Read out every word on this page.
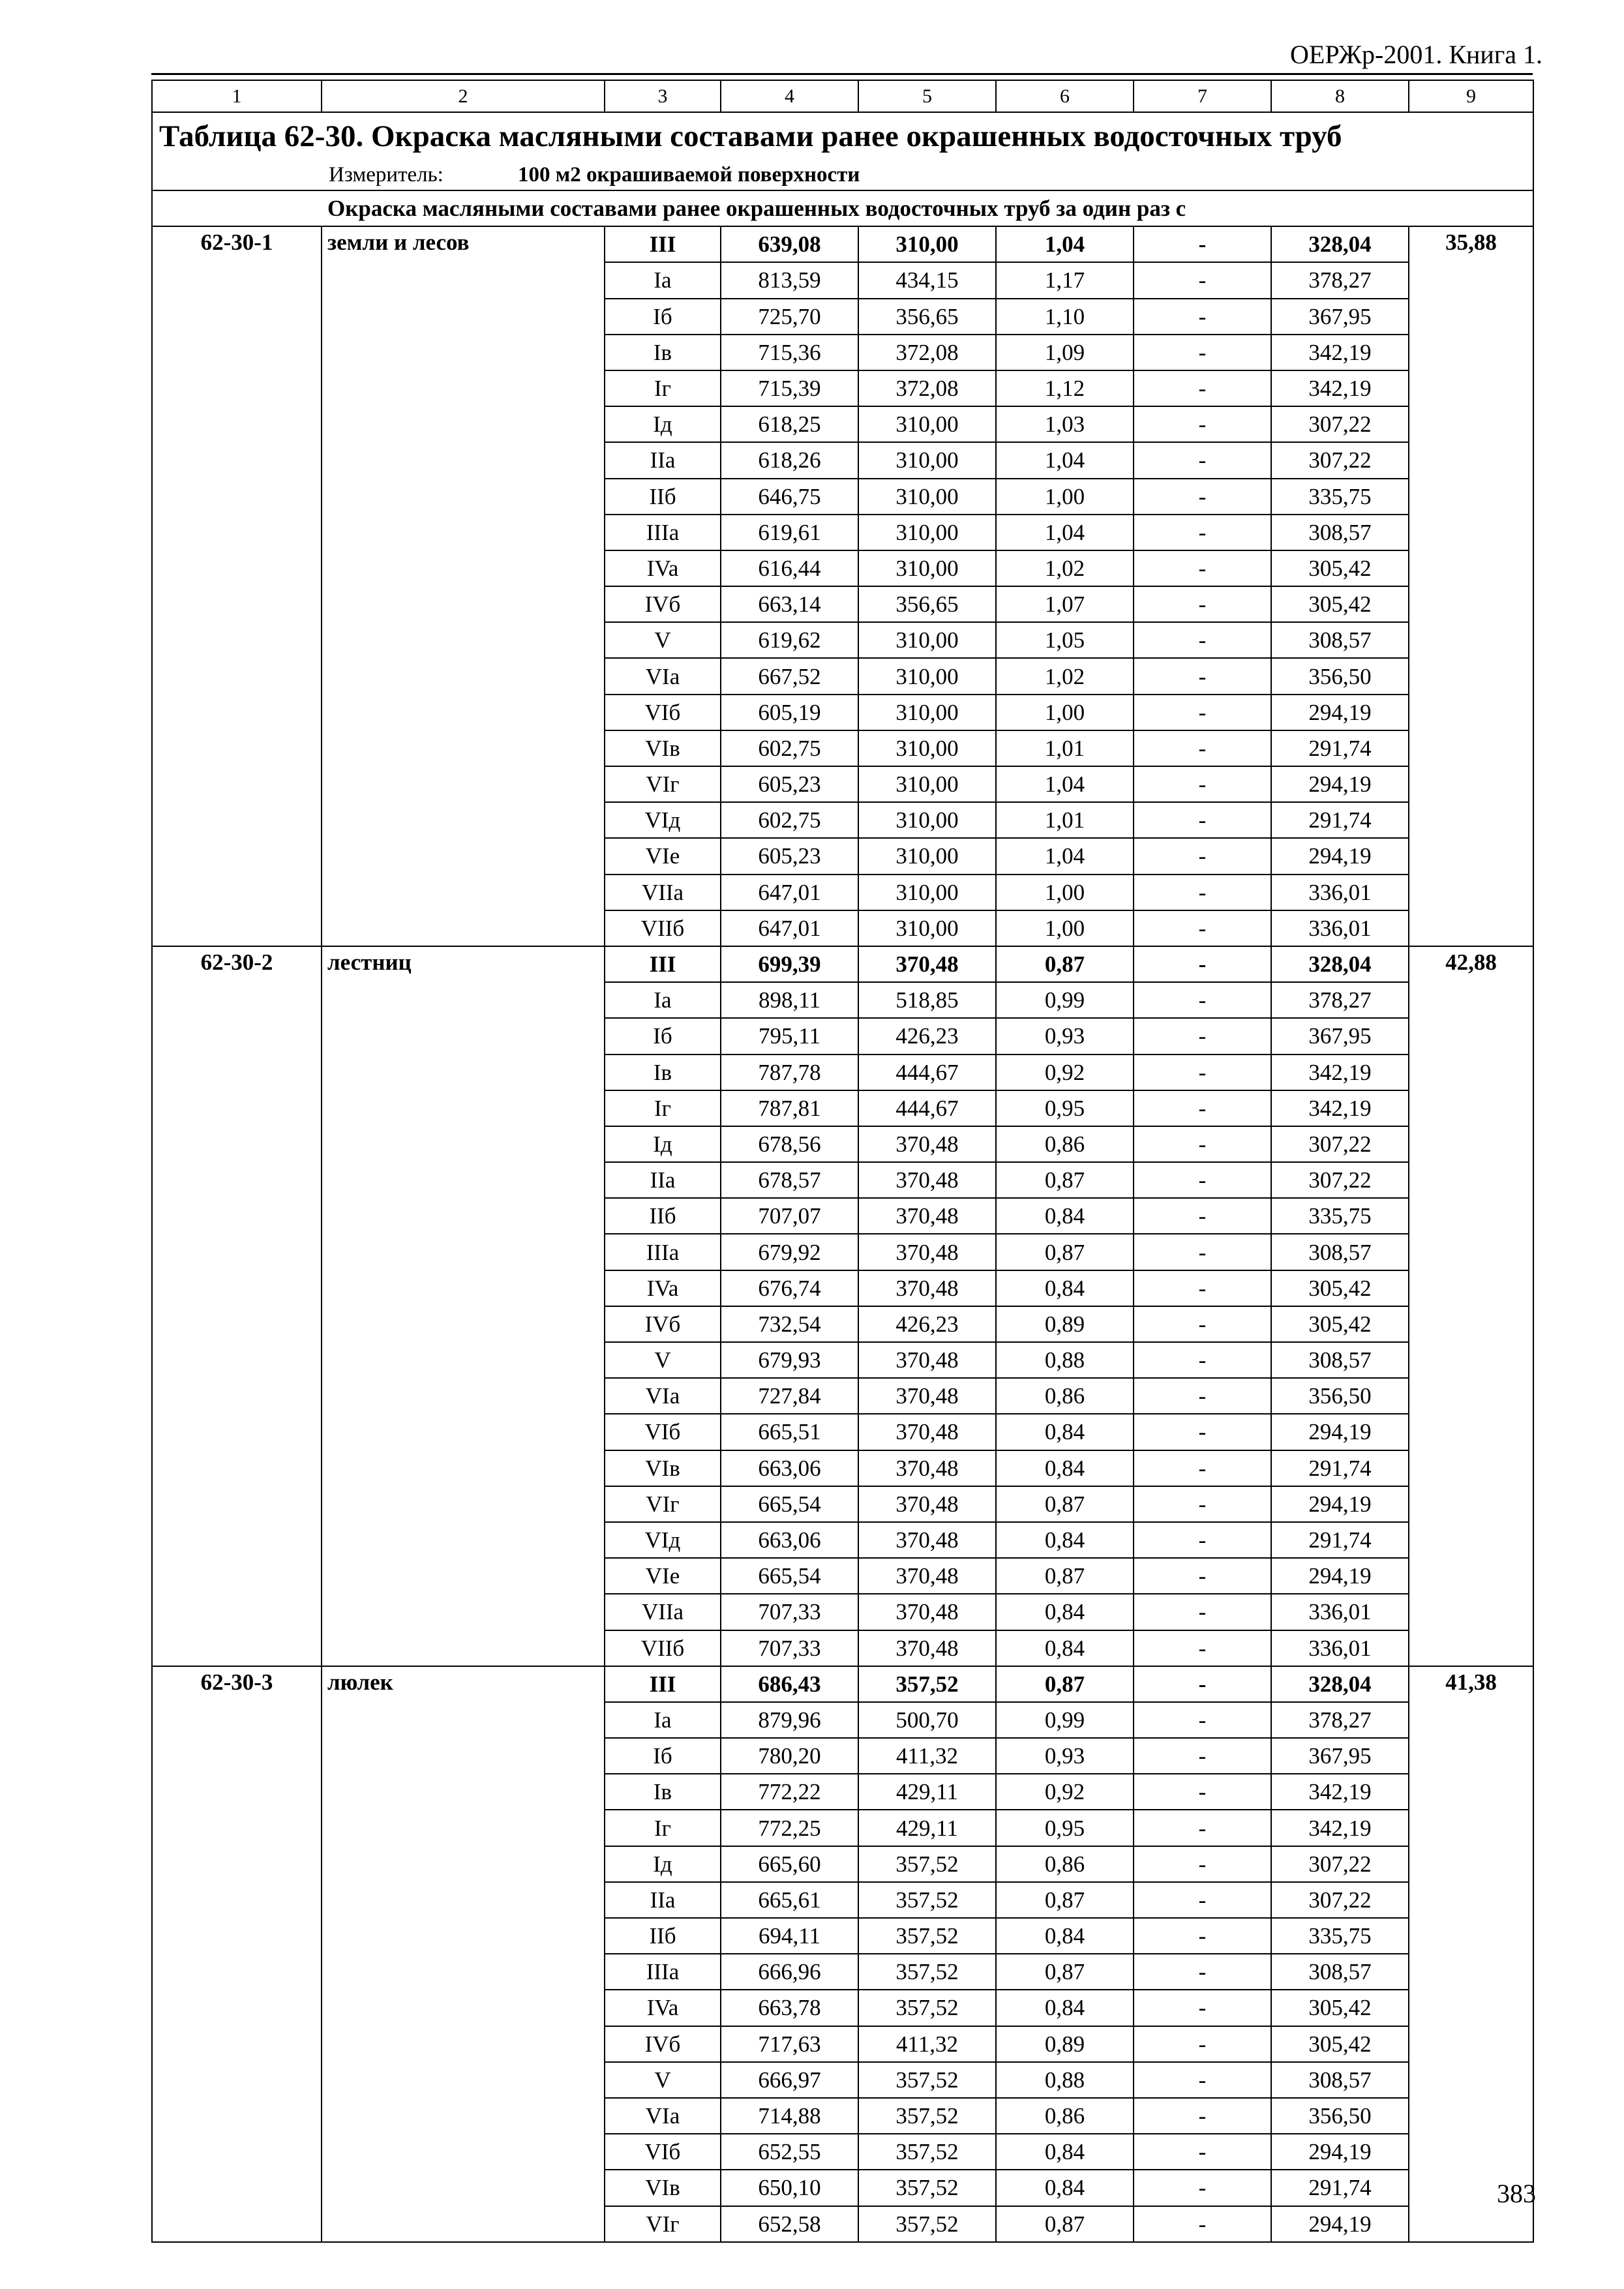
ОЕРЖр-2001. Книга 1.
1	2	3	4	5	6	7	8	9
Таблица 62-30. Окраска масляными составами ранее окрашенных водосточных труб								
Измеритель: 100 м2 окрашиваемой поверхности								
Окраска масляными составами ранее окрашенных водосточных труб за один раз с								
62-30-1	земли и лесов	III	639,08	310,00	1,04	-	328,04	35,88
		Ia	813,59	434,15	1,17	-	378,27	
		Iб	725,70	356,65	1,10	-	367,95	
		Iв	715,36	372,08	1,09	-	342,19	
		Iг	715,39	372,08	1,12	-	342,19	
		Iд	618,25	310,00	1,03	-	307,22	
		IIa	618,26	310,00	1,04	-	307,22	
		IIб	646,75	310,00	1,00	-	335,75	
		IIIa	619,61	310,00	1,04	-	308,57	
		IVa	616,44	310,00	1,02	-	305,42	
		IVб	663,14	356,65	1,07	-	305,42	
		V	619,62	310,00	1,05	-	308,57	
		VIa	667,52	310,00	1,02	-	356,50	
		VIб	605,19	310,00	1,00	-	294,19	
		VIв	602,75	310,00	1,01	-	291,74	
		VIг	605,23	310,00	1,04	-	294,19	
		VIд	602,75	310,00	1,01	-	291,74	
		VIe	605,23	310,00	1,04	-	294,19	
		VIIa	647,01	310,00	1,00	-	336,01	
		VIIб	647,01	310,00	1,00	-	336,01	
62-30-2	лестниц	III	699,39	370,48	0,87	-	328,04	42,88
		Ia	898,11	518,85	0,99	-	378,27	
		Iб	795,11	426,23	0,93	-	367,95	
		Iв	787,78	444,67	0,92	-	342,19	
		Iг	787,81	444,67	0,95	-	342,19	
		Iд	678,56	370,48	0,86	-	307,22	
		IIa	678,57	370,48	0,87	-	307,22	
		IIб	707,07	370,48	0,84	-	335,75	
		IIIa	679,92	370,48	0,87	-	308,57	
		IVa	676,74	370,48	0,84	-	305,42	
		IVб	732,54	426,23	0,89	-	305,42	
		V	679,93	370,48	0,88	-	308,57	
		VIa	727,84	370,48	0,86	-	356,50	
		VIб	665,51	370,48	0,84	-	294,19	
		VIв	663,06	370,48	0,84	-	291,74	
		VIг	665,54	370,48	0,87	-	294,19	
		VIд	663,06	370,48	0,84	-	291,74	
		VIe	665,54	370,48	0,87	-	294,19	
		VIIa	707,33	370,48	0,84	-	336,01	
		VIIб	707,33	370,48	0,84	-	336,01	
62-30-3	люлек	III	686,43	357,52	0,87	-	328,04	41,38
		Ia	879,96	500,70	0,99	-	378,27	
		Iб	780,20	411,32	0,93	-	367,95	
		Iв	772,22	429,11	0,92	-	342,19	
		Iг	772,25	429,11	0,95	-	342,19	
		Iд	665,60	357,52	0,86	-	307,22	
		IIa	665,61	357,52	0,87	-	307,22	
		IIб	694,11	357,52	0,84	-	335,75	
		IIIa	666,96	357,52	0,87	-	308,57	
		IVa	663,78	357,52	0,84	-	305,42	
		IVб	717,63	411,32	0,89	-	305,42	
		V	666,97	357,52	0,88	-	308,57	
		VIa	714,88	357,52	0,86	-	356,50	
		VIб	652,55	357,52	0,84	-	294,19	
		VIв	650,10	357,52	0,84	-	291,74	
		VIг	652,58	357,52	0,87	-	294,19	
383
